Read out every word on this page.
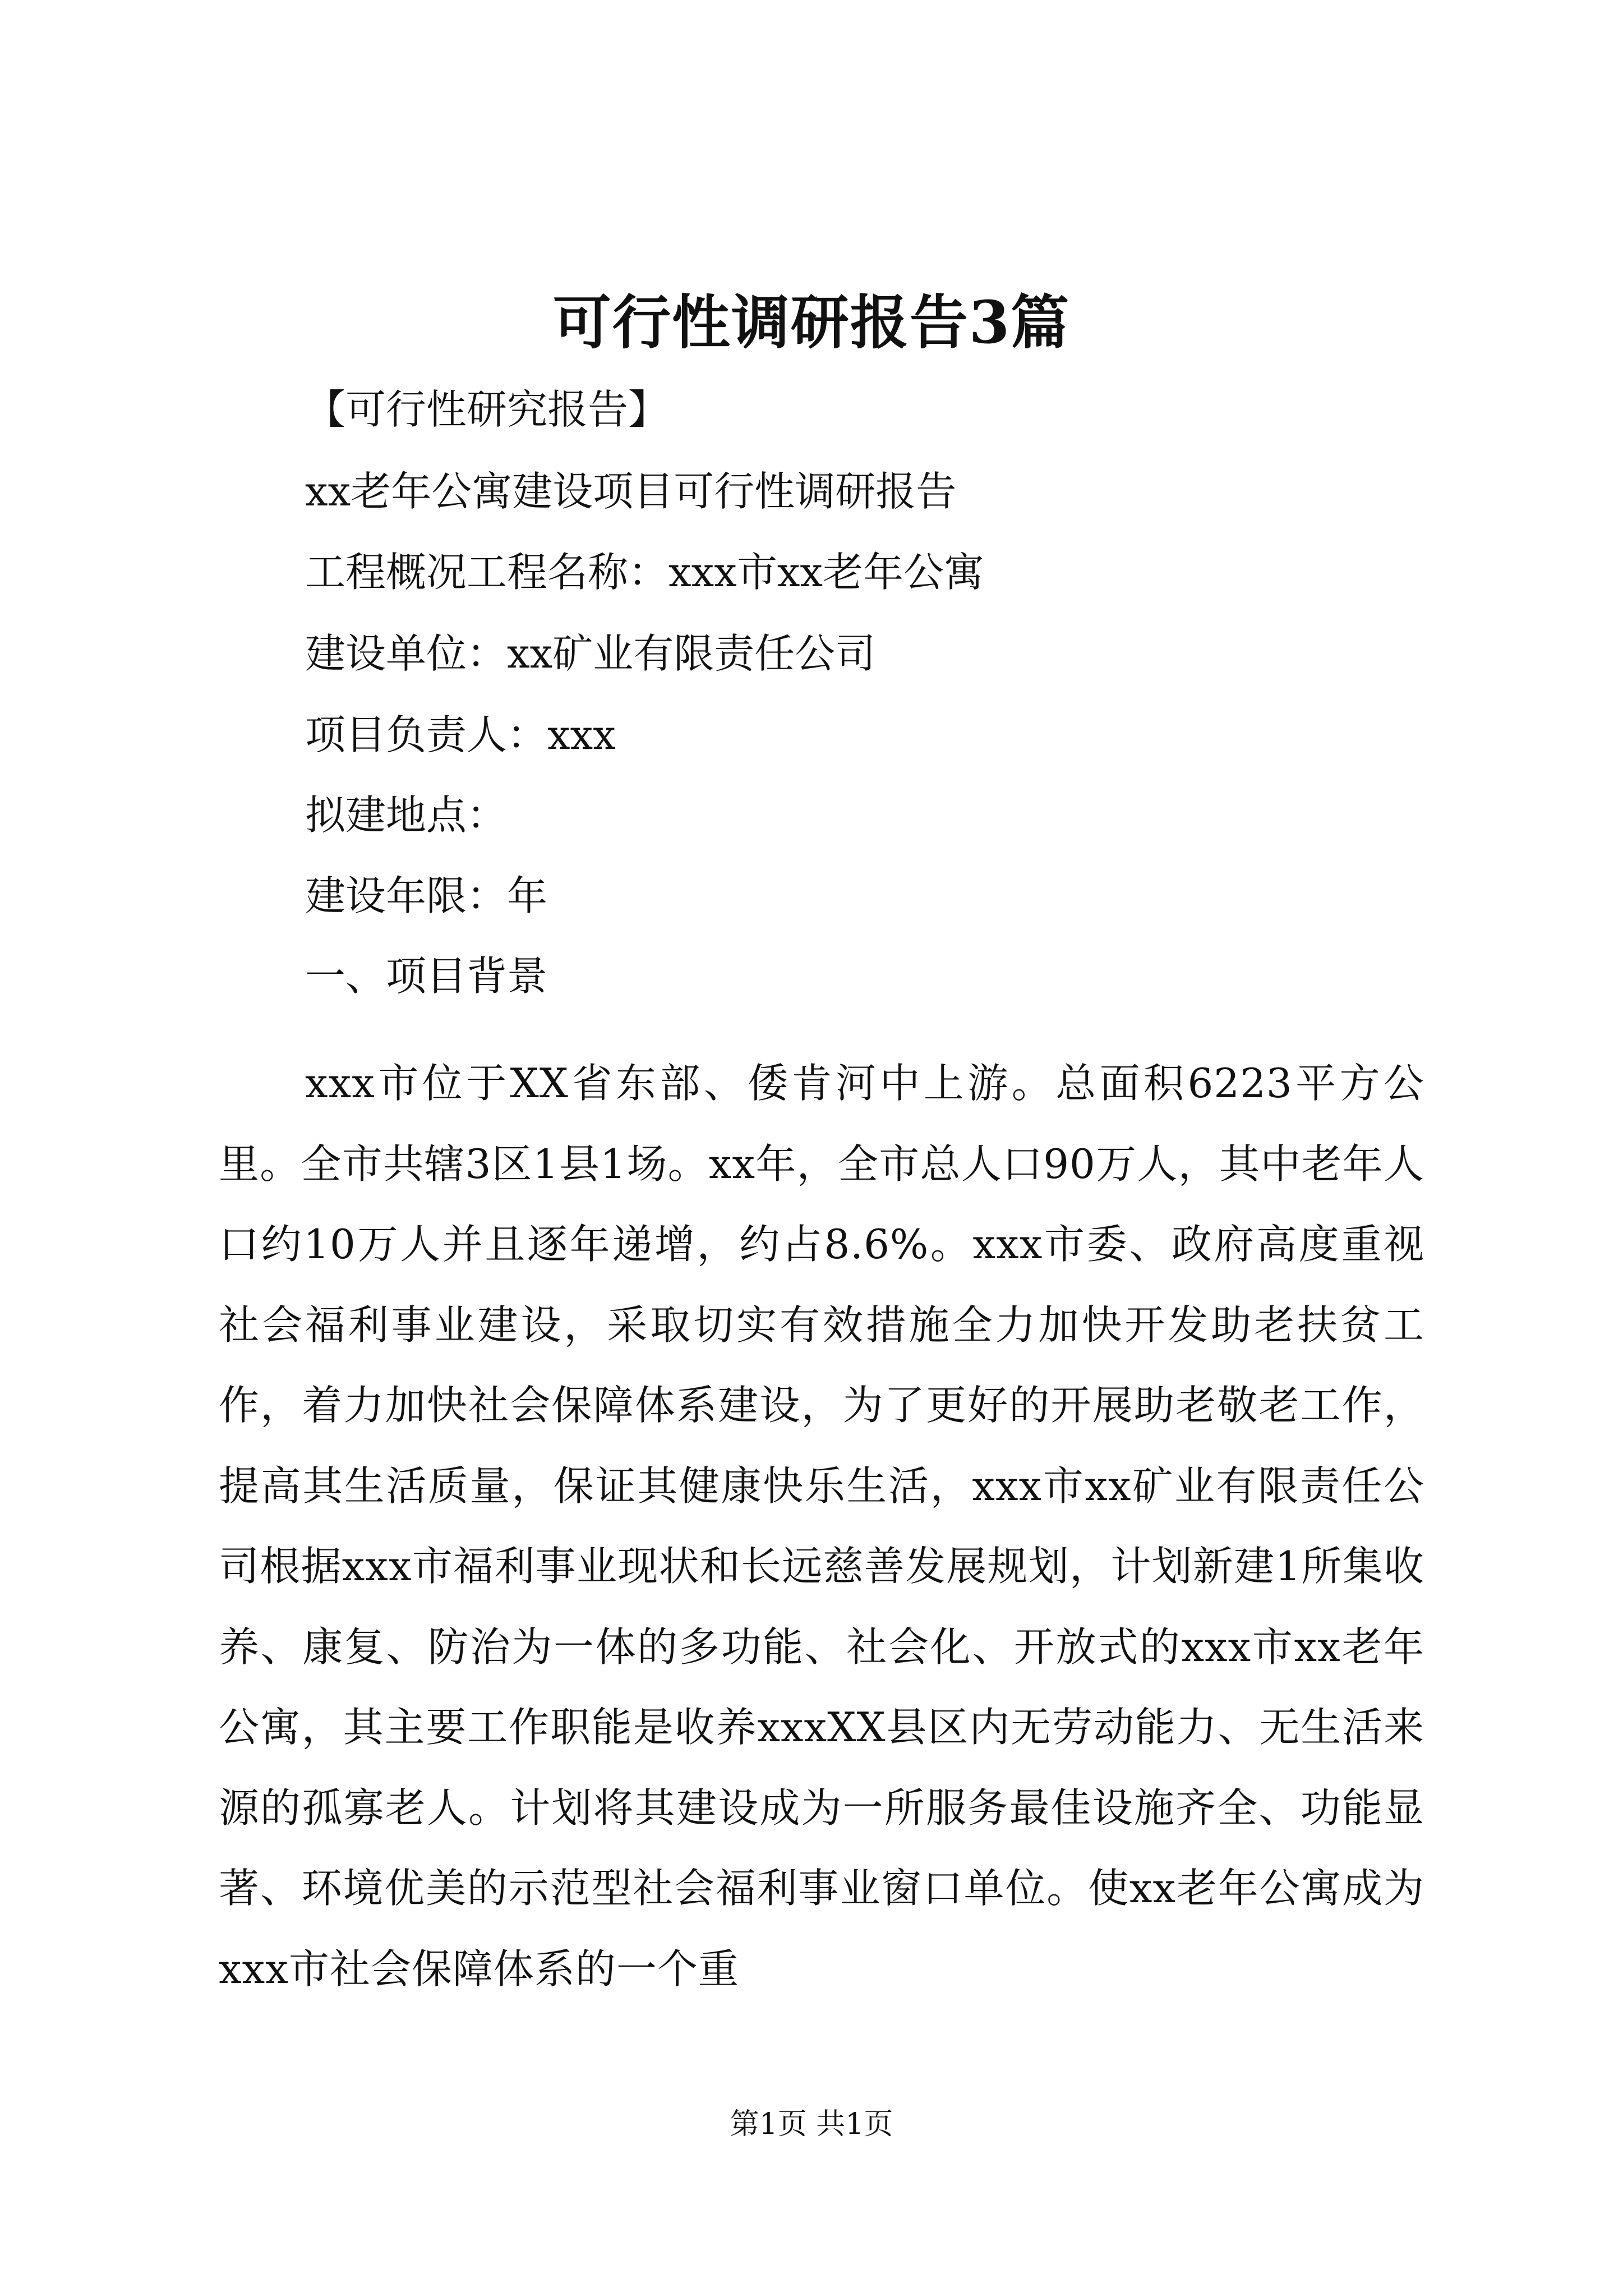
可行性调研报告3篇

【可行性研究报告】

xx老年公寓建设项目可行性调研报告

工程概况工程名称：xxx市xx老年公寓

建设单位：xx矿业有限责任公司

项目负责人：xxx

拟建地点：

建设年限：年

一、项目背景

xxx市位于XX省东部、倭肯河中上游。总面积6223平方公里。全市共辖3区1县1场。xx年，全市总人口90万人，其中老年人口约10万人并且逐年递增，约占8.6%。xxx市委、政府高度重视社会福利事业建设，采取切实有效措施全力加快开发助老扶贫工作，着力加快社会保障体系建设，为了更好的开展助老敬老工作，提高其生活质量，保证其健康快乐生活，xxx市xx矿业有限责任公司根据xxx市福利事业现状和长远慈善发展规划，计划新建1所集收养、康复、防治为一体的多功能、社会化、开放式的xxx市xx老年公寓，其主要工作职能是收养xxxXX县区内无劳动能力、无生活来源的孤寡老人。计划将其建设成为一所服务最佳设施齐全、功能显著、环境优美的示范型社会福利事业窗口单位。使xx老年公寓成为xxx市社会保障体系的一个重

第1页 共1页
